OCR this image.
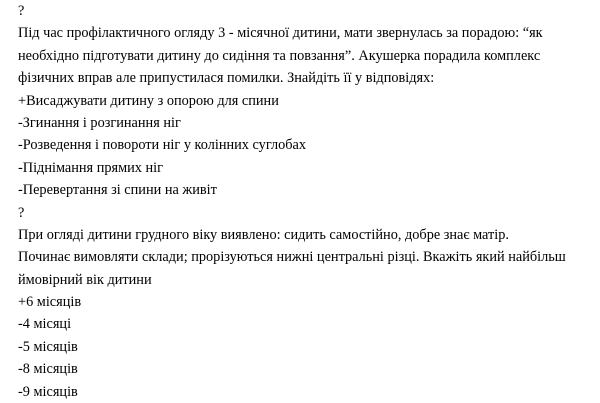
?
Під час профілактичного огляду 3 - місячної дитини, мати звернулась за порадою: “як
необхідно підготувати дитину до сидіння та повзання”. Акушерка порадила комплекс
фізичних вправ але припустилася помилки. Знайдіть її у відповідях:
+Висаджувати дитину з опорою для спини
-Згинання і розгинання ніг
-Розведення і повороти ніг у колінних суглобах
-Піднімання прямих ніг
-Перевертання зі спини на живіт
?
При огляді дитини грудного віку виявлено: сидить самостійно, добре знає матір.
Починає вимовляти склади; прорізуються нижні центральні різці. Вкажіть який найбільш
ймовірний вік дитини
+6 місяців
-4 місяці
-5 місяців
-8 місяців
-9 місяців
